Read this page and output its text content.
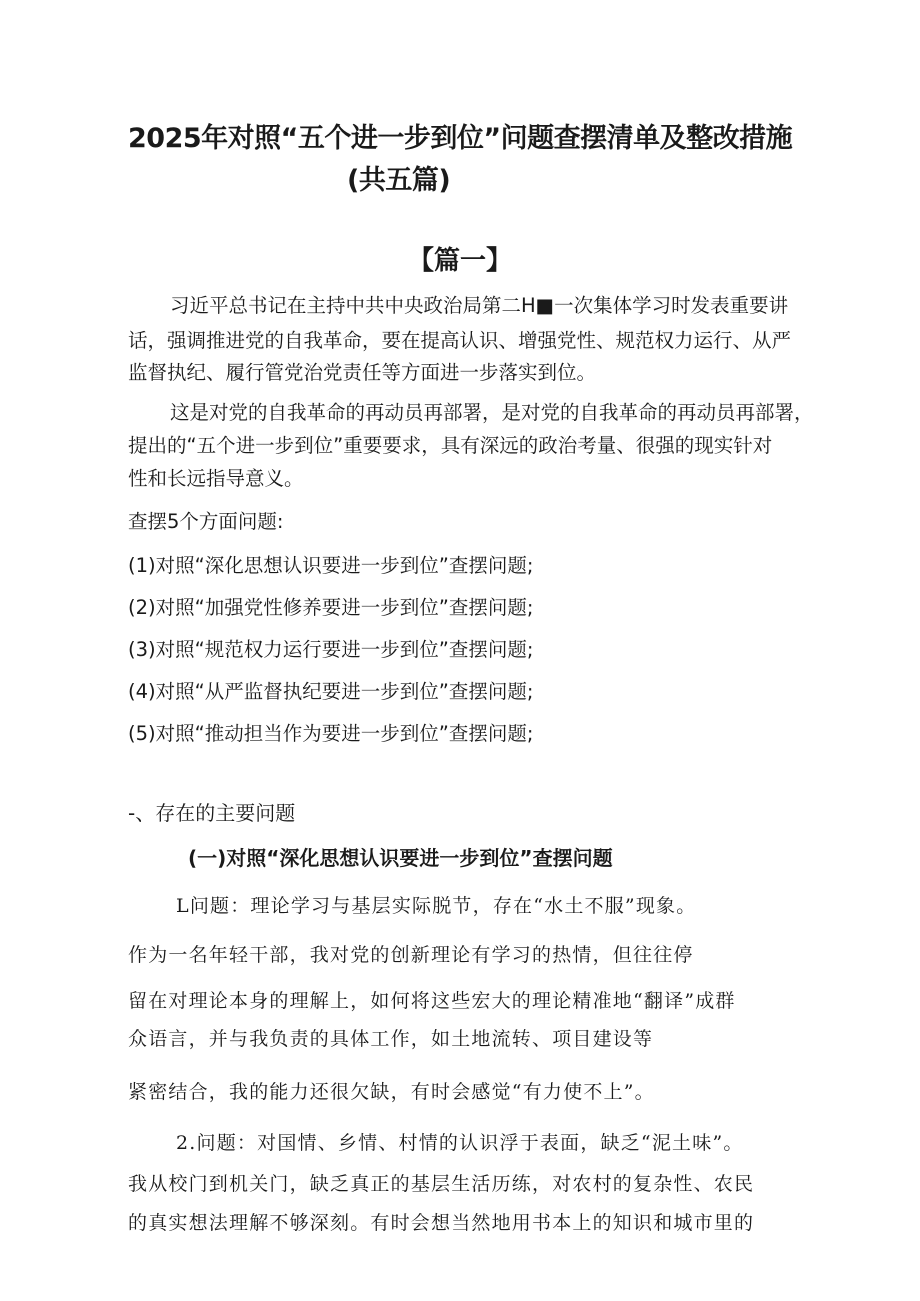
2025年对照“五个进一步到位”问题查摆清单及整改措施
(共五篇)
【篇一】

习近平总书记在主持中共中央政治局第二H■一次集体学习时发表重要讲

话，强调推进党的自我革命，要在提高认识、增强党性、规范权力运行、从严

监督执纪、履行管党治党责任等方面进一步落实到位。

这是对党的自我革命的再动员再部署，是对党的自我革命的再动员再部署，

提出的“五个进一步到位”重要要求，具有深远的政治考量、很强的现实针对

性和长远指导意义。

查摆5个方面问题:

(1)对照“深化思想认识要进一步到位”查摆问题;

(2)对照“加强党性修养要进一步到位”查摆问题;

(3)对照“规范权力运行要进一步到位”查摆问题;

(4)对照“从严监督执纪要进一步到位”查摆问题;

(5)对照“推动担当作为要进一步到位”查摆问题;

-、存在的主要问题
(一)对照“深化思想认识要进一步到位”查摆问题

L问题：理论学习与基层实际脱节，存在“水土不服”现象。

作为一名年轻干部，我对党的创新理论有学习的热情，但往往停

留在对理论本身的理解上，如何将这些宏大的理论精准地“翻译”成群

众语言，并与我负责的具体工作，如土地流转、项目建设等

紧密结合，我的能力还很欠缺，有时会感觉“有力使不上”。

2.问题：对国情、乡情、村情的认识浮于表面，缺乏“泥土味”。

我从校门到机关门，缺乏真正的基层生活历练，对农村的复杂性、农民

的真实想法理解不够深刻。有时会想当然地用书本上的知识和城市里的
